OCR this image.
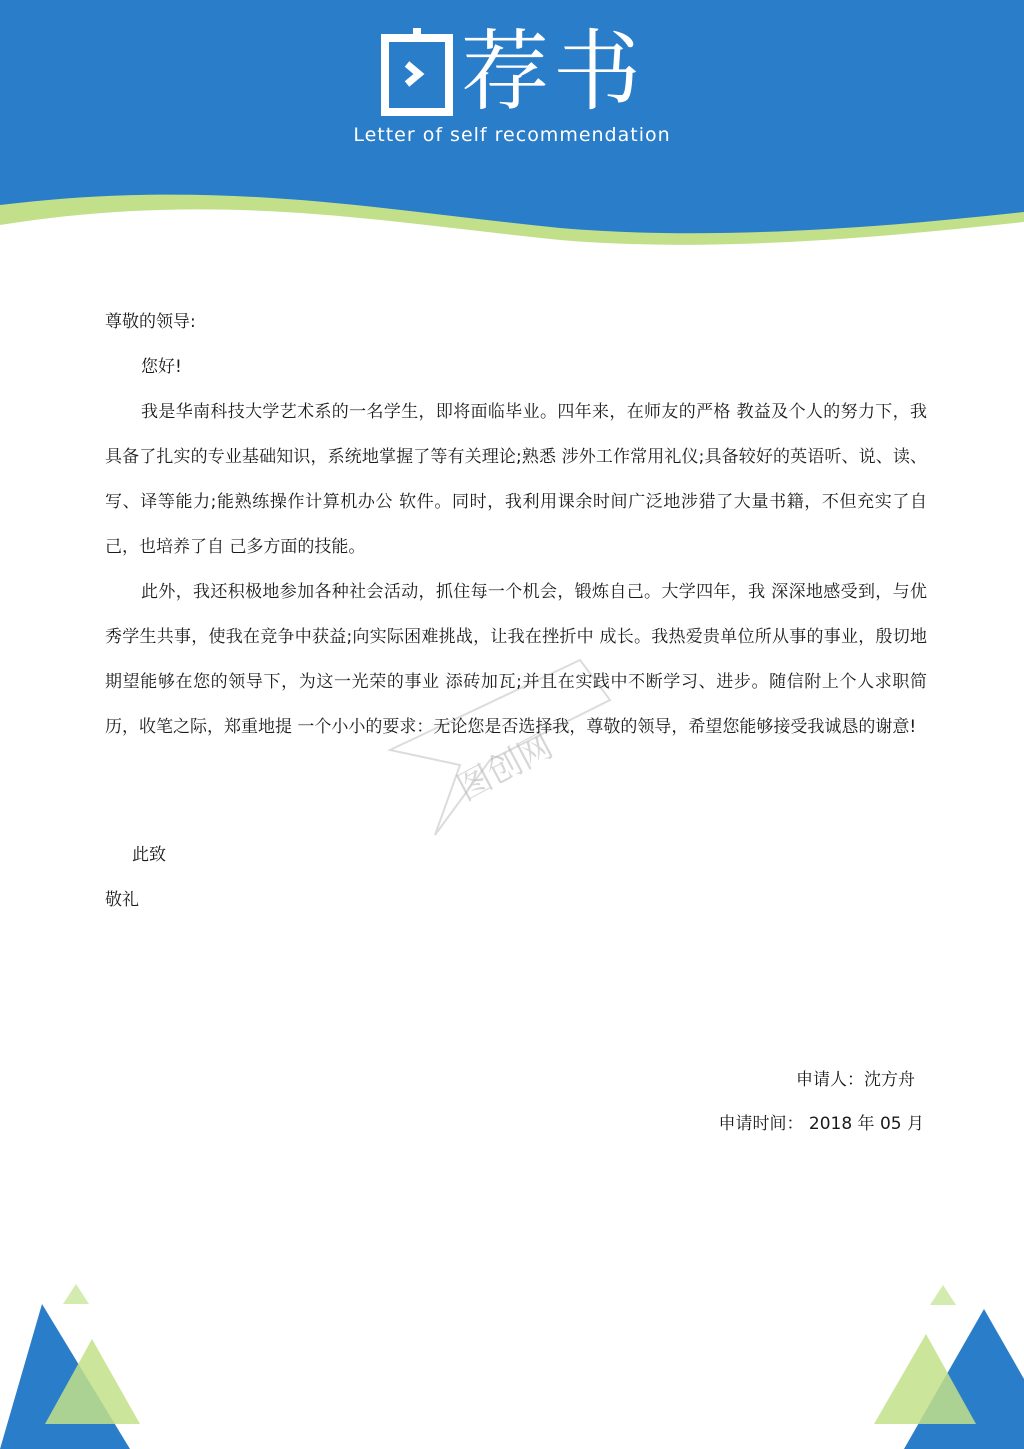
荐书
Letter of self recommendation
图创网

尊敬的领导:

您好!

我是华南科技大学艺术系的一名学生，即将面临毕业。四年来，在师友的严格 教益及个人的努力下，我具备了扎实的专业基础知识，系统地掌握了等有关理论;熟悉 涉外工作常用礼仪;具备较好的英语听、说、读、写、译等能力;能熟练操作计算机办公 软件。同时，我利用课余时间广泛地涉猎了大量书籍，不但充实了自己，也培养了自 己多方面的技能。

此外，我还积极地参加各种社会活动，抓住每一个机会，锻炼自己。大学四年，我 深深地感受到，与优秀学生共事，使我在竞争中获益;向实际困难挑战，让我在挫折中 成长。我热爱贵单位所从事的事业，殷切地期望能够在您的领导下，为这一光荣的事业 添砖加瓦;并且在实践中不断学习、进步。随信附上个人求职简历，收笔之际，郑重地提 一个小小的要求：无论您是否选择我，尊敬的领导，希望您能够接受我诚恳的谢意!

此致
敬礼
申请人：沈方舟
申请时间： 2018 年 05 月
